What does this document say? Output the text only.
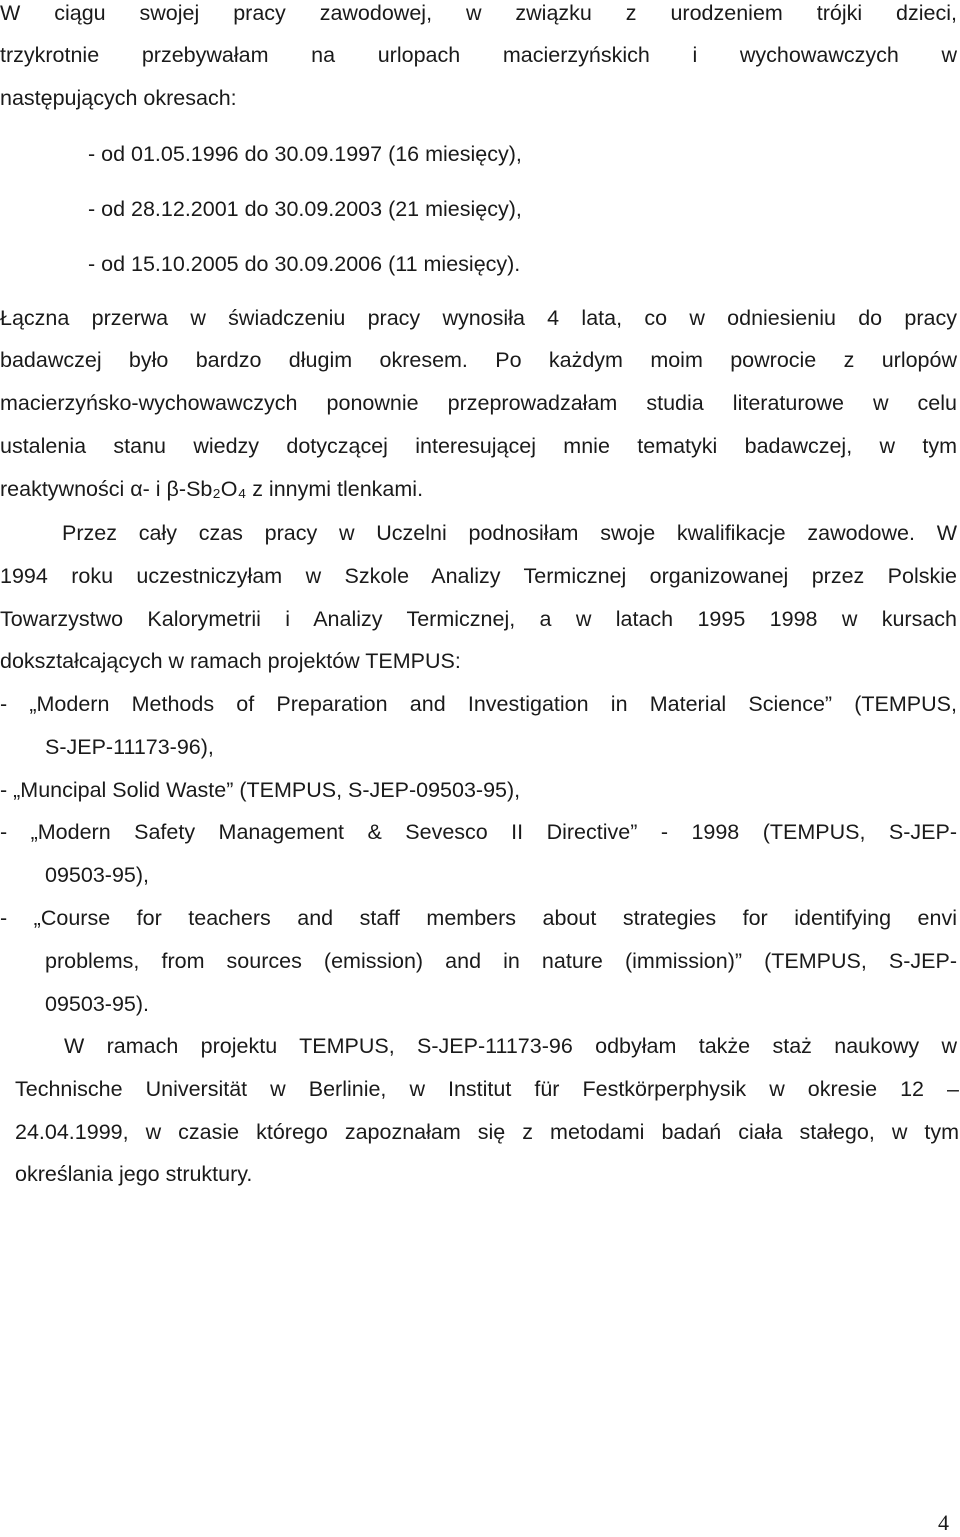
W ciągu swojej pracy zawodowej, w związku z urodzeniem trójki dzieci,
trzykrotnie przebywałam na urlopach macierzyńskich i wychowawczych w
następujących okresach:
- od 01.05.1996 do 30.09.1997 (16 miesięcy),
- od 28.12.2001 do 30.09.2003 (21 miesięcy),
- od 15.10.2005 do 30.09.2006 (11 miesięcy).
Łączna przerwa w świadczeniu pracy wynosiła 4 lata, co w odniesieniu do pracy
badawczej było bardzo długim okresem. Po każdym moim powrocie z urlopów
macierzyńsko-wychowawczych ponownie przeprowadzałam studia literaturowe w celu
ustalenia stanu wiedzy dotyczącej interesującej mnie tematyki badawczej, w tym
reaktywności α- i β-Sb₂O₄ z innymi tlenkami.
Przez cały czas pracy w Uczelni podnosiłam swoje kwalifikacje zawodowe. W
1994 roku uczestniczyłam w Szkole Analizy Termicznej organizowanej przez Polskie
Towarzystwo Kalorymetrii i Analizy Termicznej, a w latach 1995 1998 w kursach
dokształcających w ramach projektów TEMPUS:
- „Modern Methods of Preparation and Investigation in Material Science” (TEMPUS,
S-JEP-11173-96),
- „Muncipal Solid Waste” (TEMPUS, S-JEP-09503-95),
- „Modern Safety Management & Sevesco II Directive” - 1998 (TEMPUS, S-JEP-
09503-95),
- „Course for teachers and staff members about strategies for identifying envi
problems, from sources (emission) and in nature (immission)” (TEMPUS, S-JEP-
09503-95).
W ramach projektu TEMPUS, S-JEP-11173-96 odbyłam także staż naukowy w
Technische Universität w Berlinie, w Institut für Festkörperphysik w okresie 12 –
24.04.1999, w czasie którego zapoznałam się z metodami badań ciała stałego, w tym
określania jego struktury.
4
